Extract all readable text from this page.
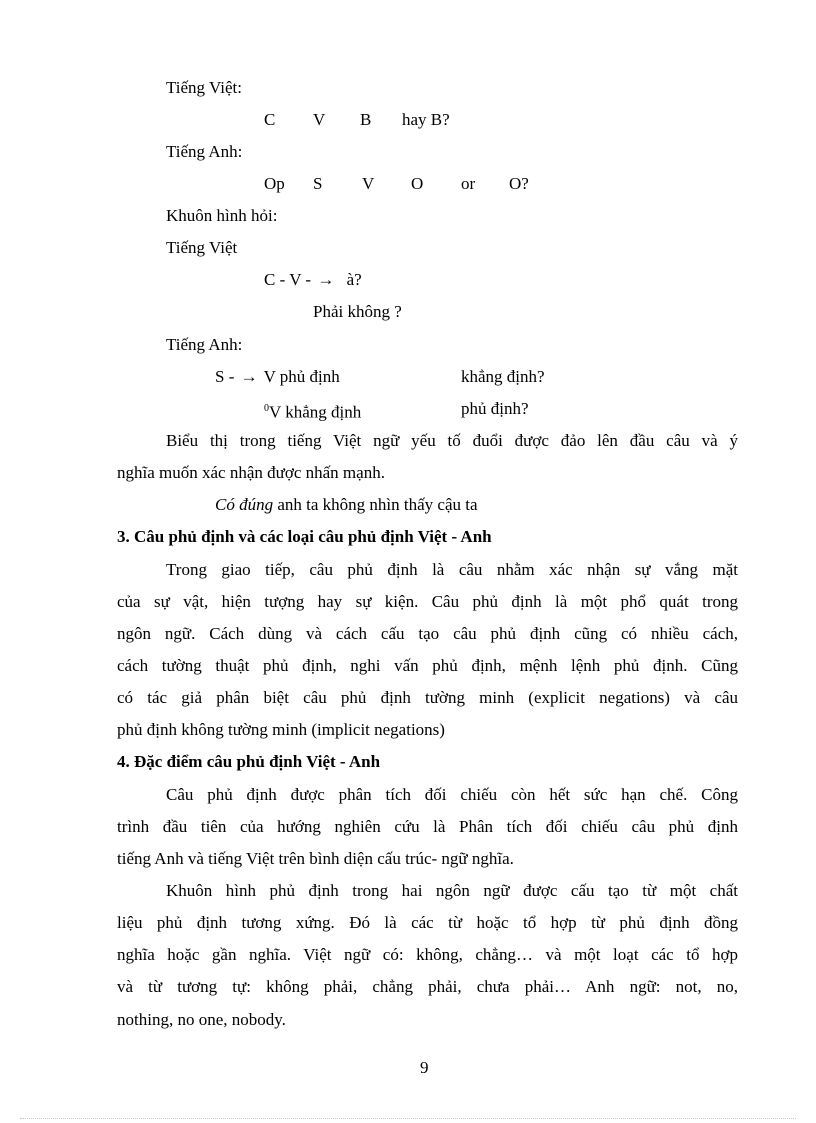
Tiếng Việt:
C V B hay B?
Tiếng Anh:
Op S V O or O?
Khuôn hình hỏi:
Tiếng Việt
C - V - → à?
Phải không ?
Tiếng Anh:
S - → V phủ định	khẳng định?
$^0$V khẳng định	phủ định?
Biểu thị trong tiếng Việt ngữ yếu tố đuổi được đảo lên đầu câu và ý
nghĩa muốn xác nhận được nhấn mạnh.
Có đúng anh ta không nhìn thấy cậu ta
3. Câu phủ định và các loại câu phủ định Việt - Anh
Trong giao tiếp, câu phủ định là câu nhằm xác nhận sự vắng mặt
của sự vật, hiện tượng hay sự kiện. Câu phủ định là một phổ quát trong
ngôn ngữ. Cách dùng và cách cấu tạo câu phủ định cũng có nhiều cách,
cách tường thuật phủ định, nghi vấn phủ định, mệnh lệnh phủ định. Cũng
có tác giả phân biệt câu phủ định tường minh (explicit negations) và câu
phủ định không tường minh (implicit negations)
4. Đặc điểm câu phủ định Việt - Anh
Câu phủ định được phân tích đối chiếu còn hết sức hạn chế. Công
trình đầu tiên của hướng nghiên cứu là Phân tích đối chiếu câu phủ định
tiếng Anh và tiếng Việt trên bình diện cấu trúc- ngữ nghĩa.
Khuôn hình phủ định trong hai ngôn ngữ được cấu tạo từ một chất
liệu phủ định tương xứng. Đó là các từ hoặc tổ hợp từ phủ định đồng
nghĩa hoặc gần nghĩa. Việt ngữ có: không, chẳng… và một loạt các tổ hợp
và từ tương tự: không phải, chẳng phải, chưa phải… Anh ngữ: not, no,
nothing, no one, nobody.
9
